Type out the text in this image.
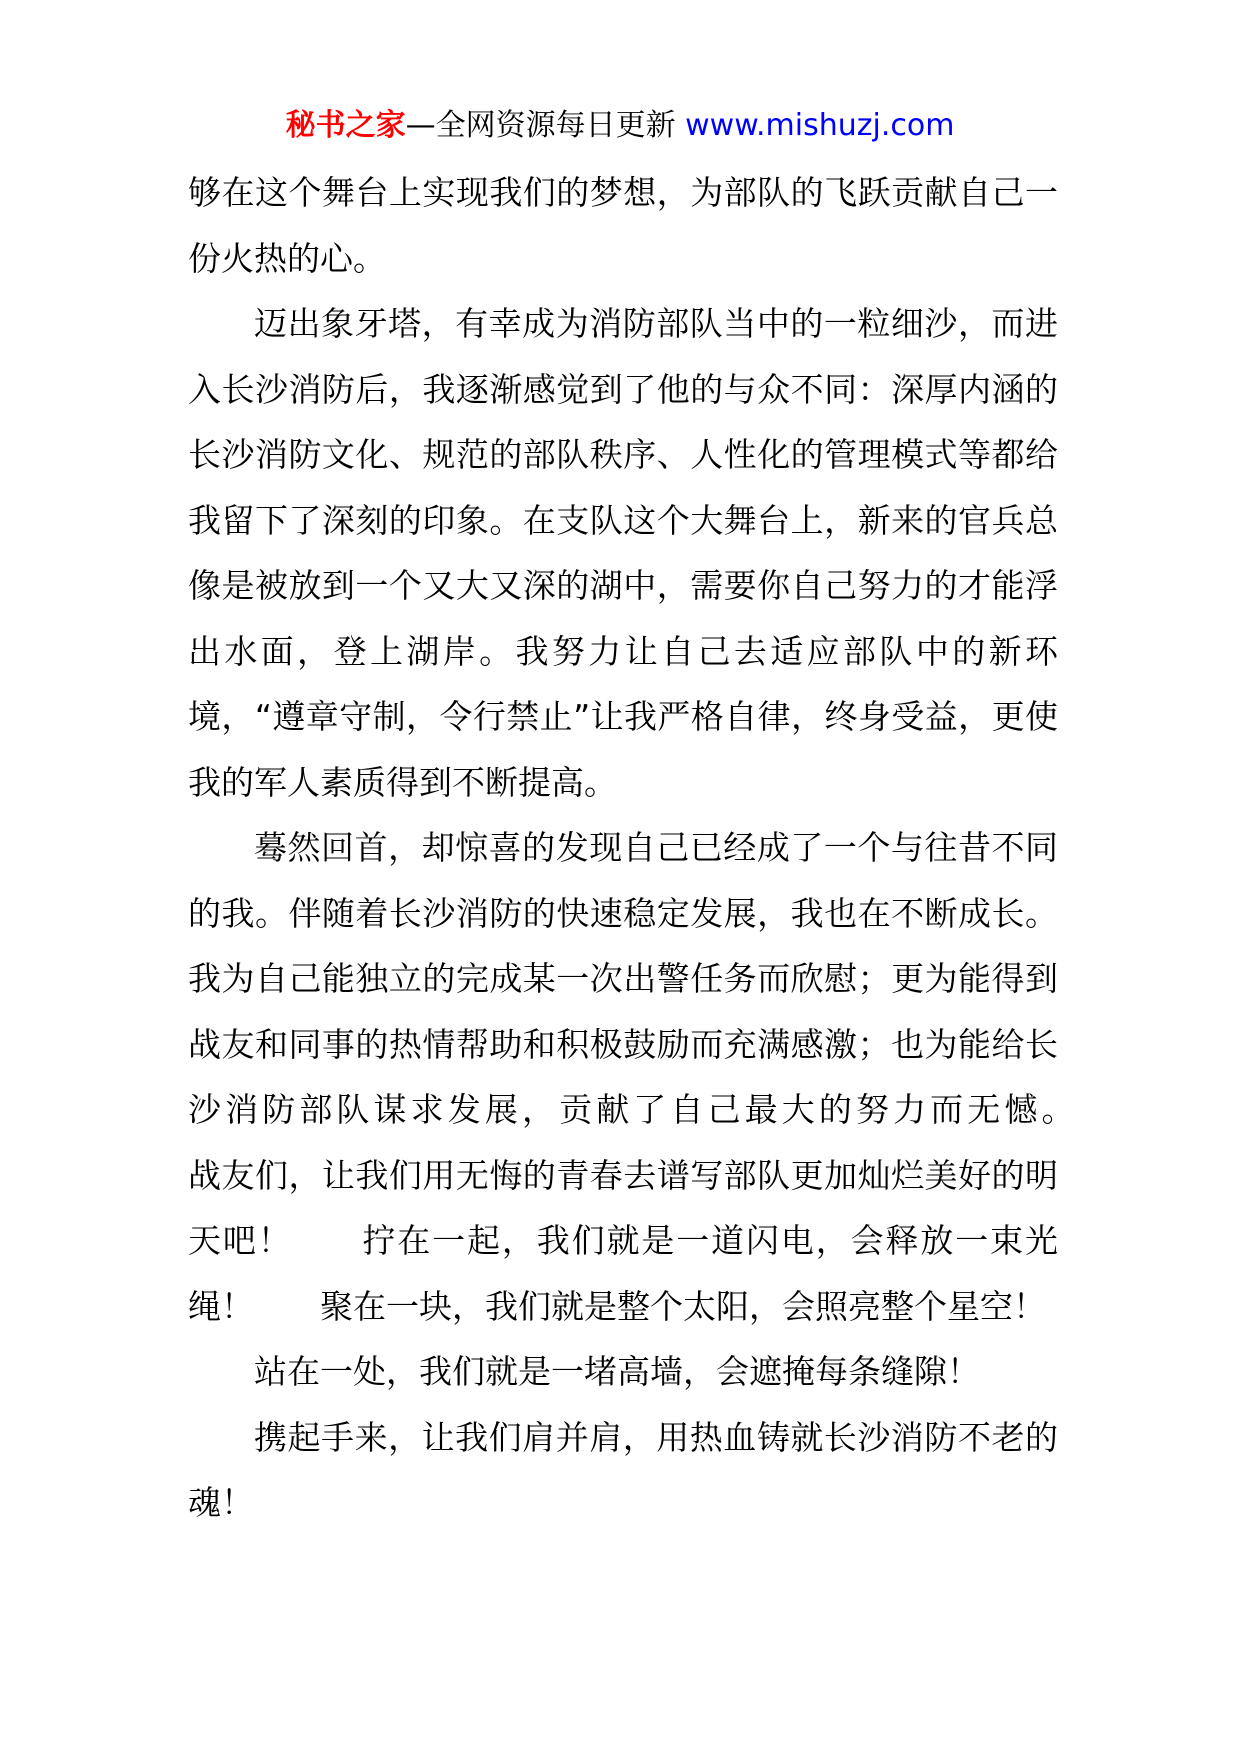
秘书之家—全网资源每日更新 www.mishuzj.com

够在这个舞台上实现我们的梦想，为部队的飞跃贡献自己一份火热的心。

迈出象牙塔，有幸成为消防部队当中的一粒细沙，而进入长沙消防后，我逐渐感觉到了他的与众不同：深厚内涵的长沙消防文化、规范的部队秩序、人性化的管理模式等都给我留下了深刻的印象。在支队这个大舞台上，新来的官兵总像是被放到一个又大又深的湖中，需要你自己努力的才能浮出水面，登上湖岸。我努力让自己去适应部队中的新环境，“遵章守制，令行禁止”让我严格自律，终身受益，更使我的军人素质得到不断提高。

蓦然回首，却惊喜的发现自己已经成了一个与往昔不同的我。伴随着长沙消防的快速稳定发展，我也在不断成长。我为自己能独立的完成某一次出警任务而欣慰；更为能得到战友和同事的热情帮助和积极鼓励而充满感激；也为能给长沙消防部队谋求发展，贡献了自己最大的努力而无憾。　　战友们，让我们用无悔的青春去谱写部队更加灿烂美好的明天吧！　　拧在一起，我们就是一道闪电，会释放一束光绳！　　聚在一块，我们就是整个太阳，会照亮整个星空！

站在一处，我们就是一堵高墙，会遮掩每条缝隙！

携起手来，让我们肩并肩，用热血铸就长沙消防不老的魂！
